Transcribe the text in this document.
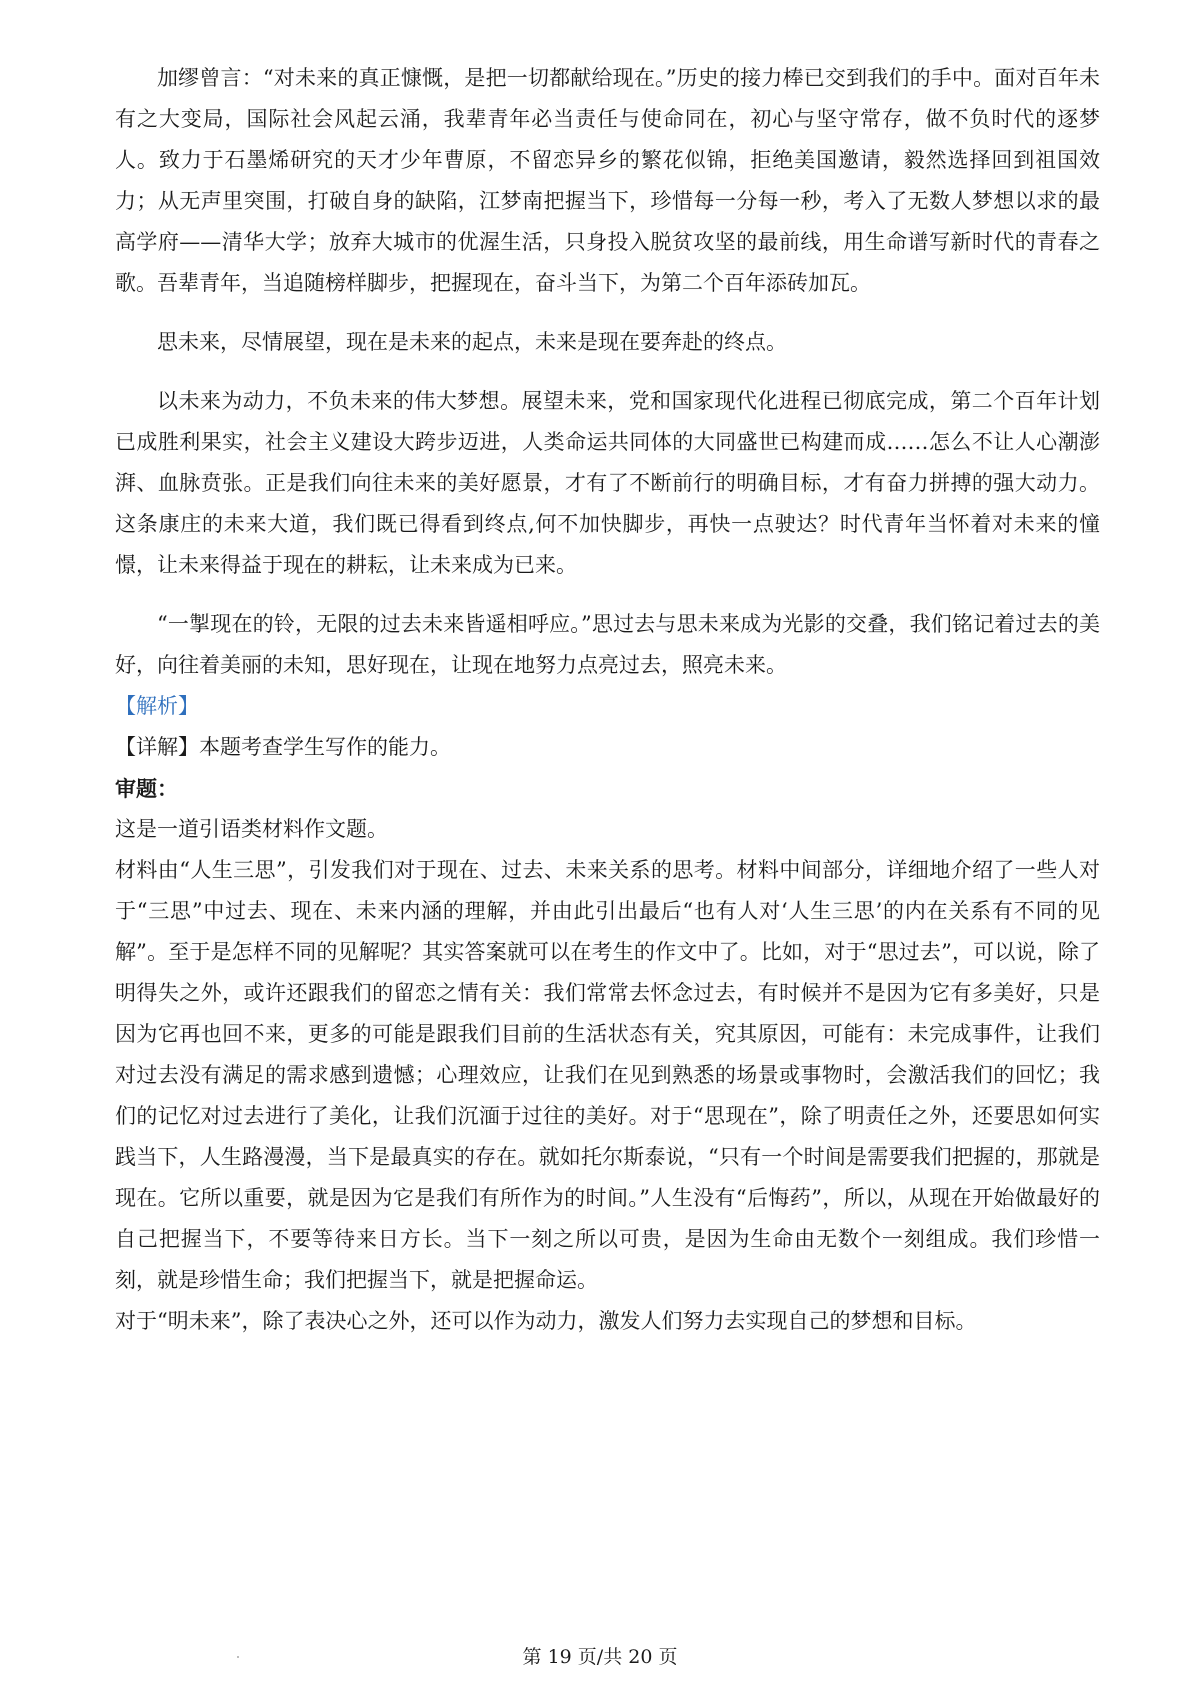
加缪曾言：“对未来的真正慷慨，是把一切都献给现在。”历史的接力棒已交到我们的手中。面对百年未有之大变局，国际社会风起云涌，我辈青年必当责任与使命同在，初心与坚守常存，做不负时代的逐梦人。致力于石墨烯研究的天才少年曹原，不留恋异乡的繁花似锦，拒绝美国邀请，毅然选择回到祖国效力；从无声里突围，打破自身的缺陷，江梦南把握当下，珍惜每一分每一秒，考入了无数人梦想以求的最高学府——清华大学；放弃大城市的优渥生活，只身投入脱贫攻坚的最前线，用生命谱写新时代的青春之歌。吾辈青年，当追随榜样脚步，把握现在，奋斗当下，为第二个百年添砖加瓦。

思未来，尽情展望，现在是未来的起点，未来是现在要奔赴的终点。

以未来为动力，不负未来的伟大梦想。展望未来，党和国家现代化进程已彻底完成，第二个百年计划已成胜利果实，社会主义建设大跨步迈进，人类命运共同体的大同盛世已构建而成……怎么不让人心潮澎湃、血脉贲张。正是我们向往未来的美好愿景，才有了不断前行的明确目标，才有奋力拼搏的强大动力。这条康庄的未来大道，我们既已得看到终点,何不加快脚步，再快一点驶达？时代青年当怀着对未来的憧憬，让未来得益于现在的耕耘，让未来成为已来。

“一掣现在的铃，无限的过去未来皆遥相呼应。”思过去与思未来成为光影的交叠，我们铭记着过去的美好，向往着美丽的未知，思好现在，让现在地努力点亮过去，照亮未来。

【解析】

【详解】本题考查学生写作的能力。

审题：

这是一道引语类材料作文题。

材料由“人生三思”，引发我们对于现在、过去、未来关系的思考。材料中间部分，详细地介绍了一些人对于“三思”中过去、现在、未来内涵的理解，并由此引出最后“也有人对‘人生三思’的内在关系有不同的见解”。至于是怎样不同的见解呢？其实答案就可以在考生的作文中了。比如，对于“思过去”，可以说，除了明得失之外，或许还跟我们的留恋之情有关：我们常常去怀念过去，有时候并不是因为它有多美好，只是因为它再也回不来，更多的可能是跟我们目前的生活状态有关，究其原因，可能有：未完成事件，让我们对过去没有满足的需求感到遗憾；心理效应，让我们在见到熟悉的场景或事物时，会激活我们的回忆；我们的记忆对过去进行了美化，让我们沉湎于过往的美好。对于“思现在”，除了明责任之外，还要思如何实践当下，人生路漫漫，当下是最真实的存在。就如托尔斯泰说，“只有一个时间是需要我们把握的，那就是现在。它所以重要，就是因为它是我们有所作为的时间。”人生没有“后悔药”，所以，从现在开始做最好的自己把握当下，不要等待来日方长。当下一刻之所以可贵，是因为生命由无数个一刻组成。我们珍惜一刻，就是珍惜生命；我们把握当下，就是把握命运。

对于“明未来”，除了表决心之外，还可以作为动力，激发人们努力去实现自己的梦想和目标。

第 19 页/共 20 页
